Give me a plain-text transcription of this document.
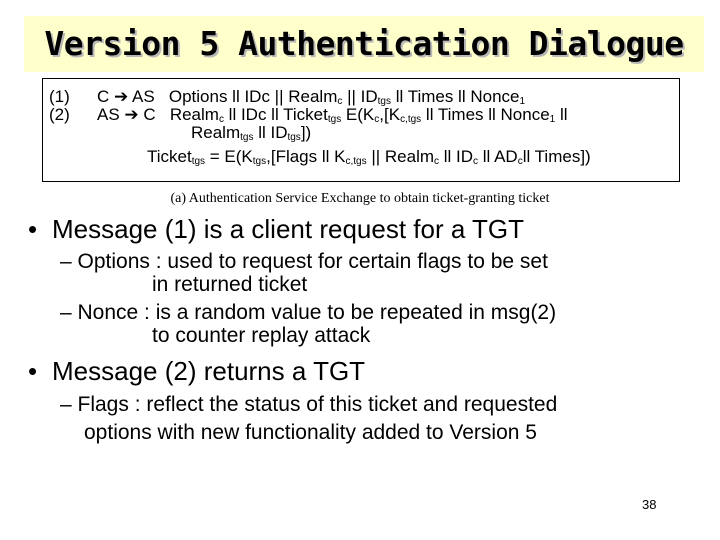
Version 5 Authentication Dialogue
(1) C ➔ AS   Options ll IDc || Realm$_c$ || $ID_{tgs}$ ll Times ll Nonce$_1$
(2) AS ➔ C   Realm$_c$ ll IDc ll Ticket$_{tgs}$ $E(K_c,[K_{c,tgs}$ ll Times ll Nonce$_1$ ll
Realm$_{tgs}$ ll $ID_{tgs}$])
Ticket$_{tgs}$ = $E(K_{tgs},[Flags$ ll $K_{c,tgs}$ || Realm$_c$ ll $ID_c$ ll $AD_cll$ Times])
(a) Authentication Service Exchange to obtain ticket-granting ticket
• Message (1) is a client request for a TGT
– Options : used to request for certain flags to be set
in returned ticket
– Nonce : is a random value to be repeated in msg(2)
to counter replay attack
• Message (2) returns a TGT
– Flags : reflect the status of this ticket and requested
options with new functionality added to Version 5
38
